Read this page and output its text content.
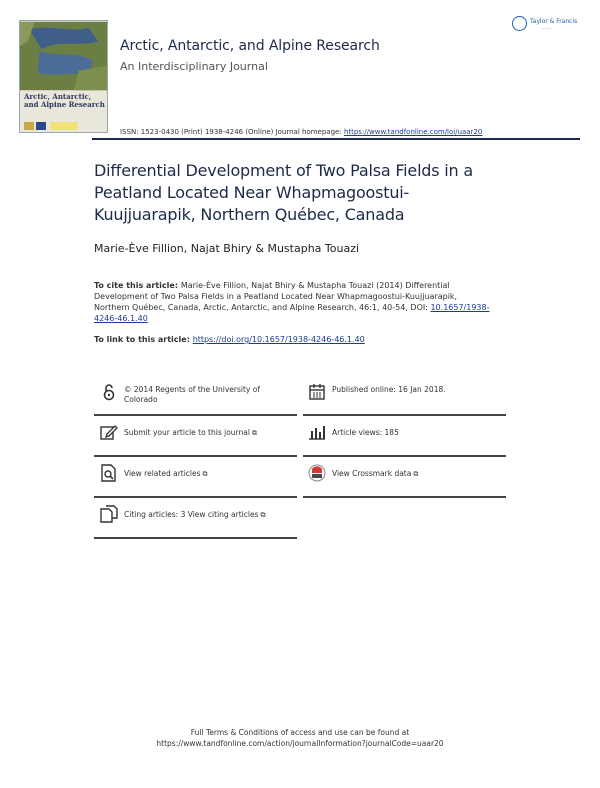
Arctic, Antarctic, and Alpine Research
Arctic, Antarctic, and Alpine Research
An Interdisciplinary Journal
ISSN: 1523-0430 (Print) 1938-4246 (Online) Journal homepage: https://www.tandfonline.com/loi/uaar20
Taylor & Francis
———
Differential Development of Two Palsa Fields in a Peatland Located Near Whapmagoostui-Kuujjuarapik, Northern Québec, Canada
Marie-Ève Fillion, Najat Bhiry & Mustapha Touazi
To cite this article: Marie-Ève Fillion, Najat Bhiry & Mustapha Touazi (2014) Differential Development of Two Palsa Fields in a Peatland Located Near Whapmagoostui-Kuujjuarapik, Northern Québec, Canada, Arctic, Antarctic, and Alpine Research, 46:1, 40-54, DOI: 10.1657/1938-4246-46.1.40
To link to this article: https://doi.org/10.1657/1938-4246-46.1.40
© 2014 Regents of the University of Colorado
Published online: 16 Jan 2018.
Submit your article to this journal ⧉	Article views: 185
View related articles ⧉	View Crossmark data ⧉
Citing articles: 3 View citing articles ⧉
Full Terms & Conditions of access and use can be found at
https://www.tandfonline.com/action/journalInformation?journalCode=uaar20
